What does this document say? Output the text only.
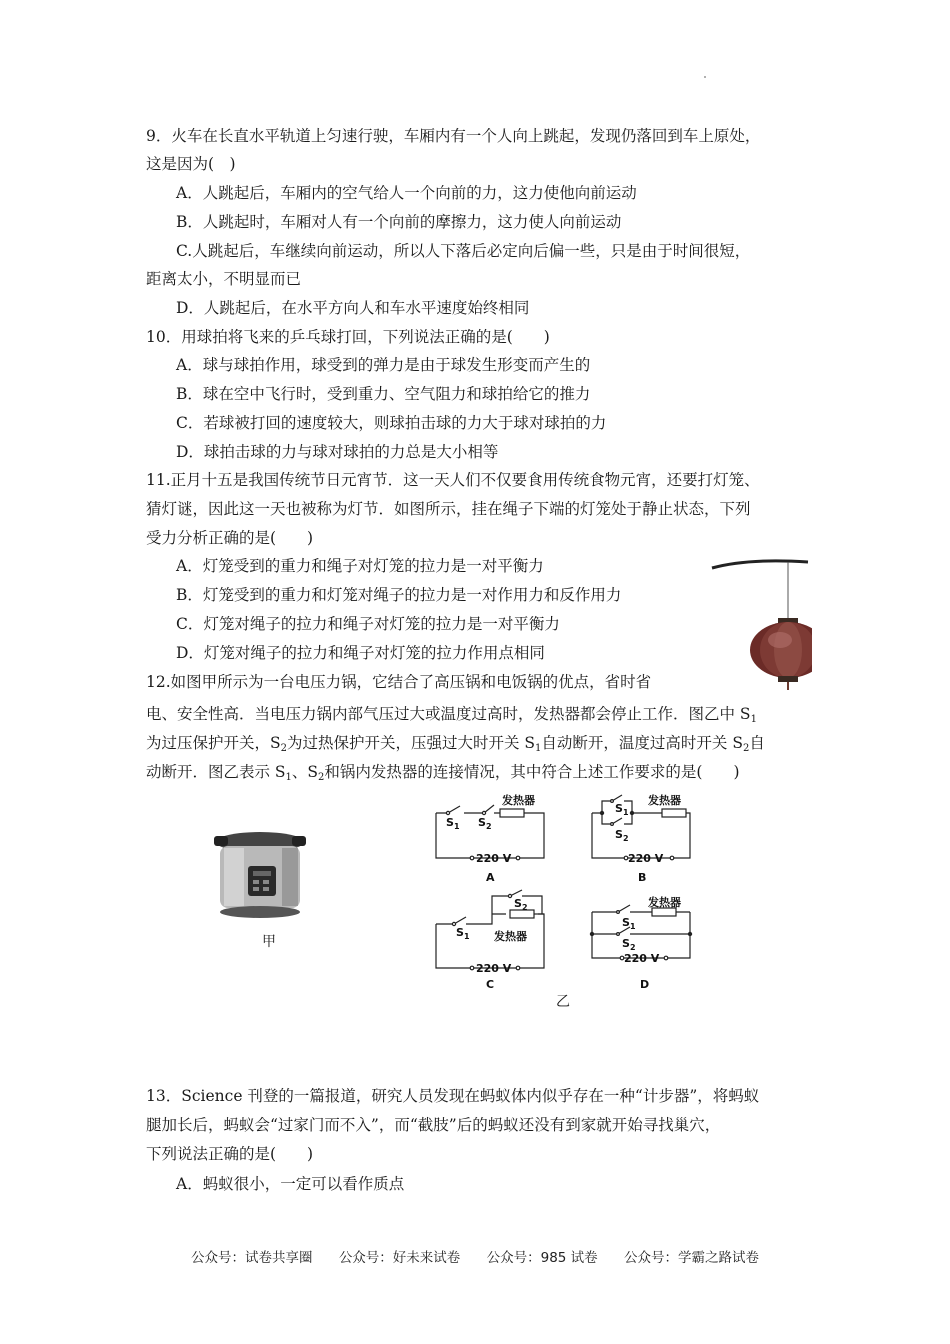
9．火车在长直水平轨道上匀速行驶，车厢内有一个人向上跳起，发现仍落回到车上原处，
这是因为(　)
A．人跳起后，车厢内的空气给人一个向前的力，这力使他向前运动
B．人跳起时，车厢对人有一个向前的摩擦力，这力使人向前运动
C.人跳起后，车继续向前运动，所以人下落后必定向后偏一些，只是由于时间很短，
距离太小，不明显而已
D．人跳起后，在水平方向人和车水平速度始终相同
10．用球拍将飞来的乒乓球打回，下列说法正确的是(　　)
A．球与球拍作用，球受到的弹力是由于球发生形变而产生的
B．球在空中飞行时，受到重力、空气阻力和球拍给它的推力
C．若球被打回的速度较大，则球拍击球的力大于球对球拍的力
D．球拍击球的力与球对球拍的力总是大小相等
11.正月十五是我国传统节日元宵节．这一天人们不仅要食用传统食物元宵，还要打灯笼、
猜灯谜，因此这一天也被称为灯节．如图所示，挂在绳子下端的灯笼处于静止状态，下列
受力分析正确的是(　　)
A．灯笼受到的重力和绳子对灯笼的拉力是一对平衡力
B．灯笼受到的重力和灯笼对绳子的拉力是一对作用力和反作用力
C．灯笼对绳子的拉力和绳子对灯笼的拉力是一对平衡力
D．灯笼对绳子的拉力和绳子对灯笼的拉力作用点相同
12.如图甲所示为一台电压力锅，它结合了高压锅和电饭锅的优点，省时省
电、安全性高．当电压力锅内部气压过大或温度过高时，发热器都会停止工作．图乙中 $S_1$
为过压保护开关，$S_2$为过热保护开关，压强过大时开关 $S_1$自动断开，温度过高时开关 $S_2$自
动断开．图乙表示 $S_1$、$S_2$和锅内发热器的连接情况，其中符合上述工作要求的是(　　)
甲
发热器
$S_1$ $S_2$
220 V
A
发热器
$S_1$
$S_2$
220 V
B
$S_2$
发热器
$S_1$
220 V
C
发热器
$S_1$
$S_2$
220 V
D
乙
13．Science 刊登的一篇报道，研究人员发现在蚂蚁体内似乎存在一种“计步器”，将蚂蚁
腿加长后，蚂蚁会“过家门而不入”，而“截肢”后的蚂蚁还没有到家就开始寻找巢穴，
下列说法正确的是(　　)
A．蚂蚁很小，一定可以看作质点
公众号：试卷共享圈 公众号：好未来试卷 公众号：985 试卷 公众号：学霸之路试卷
